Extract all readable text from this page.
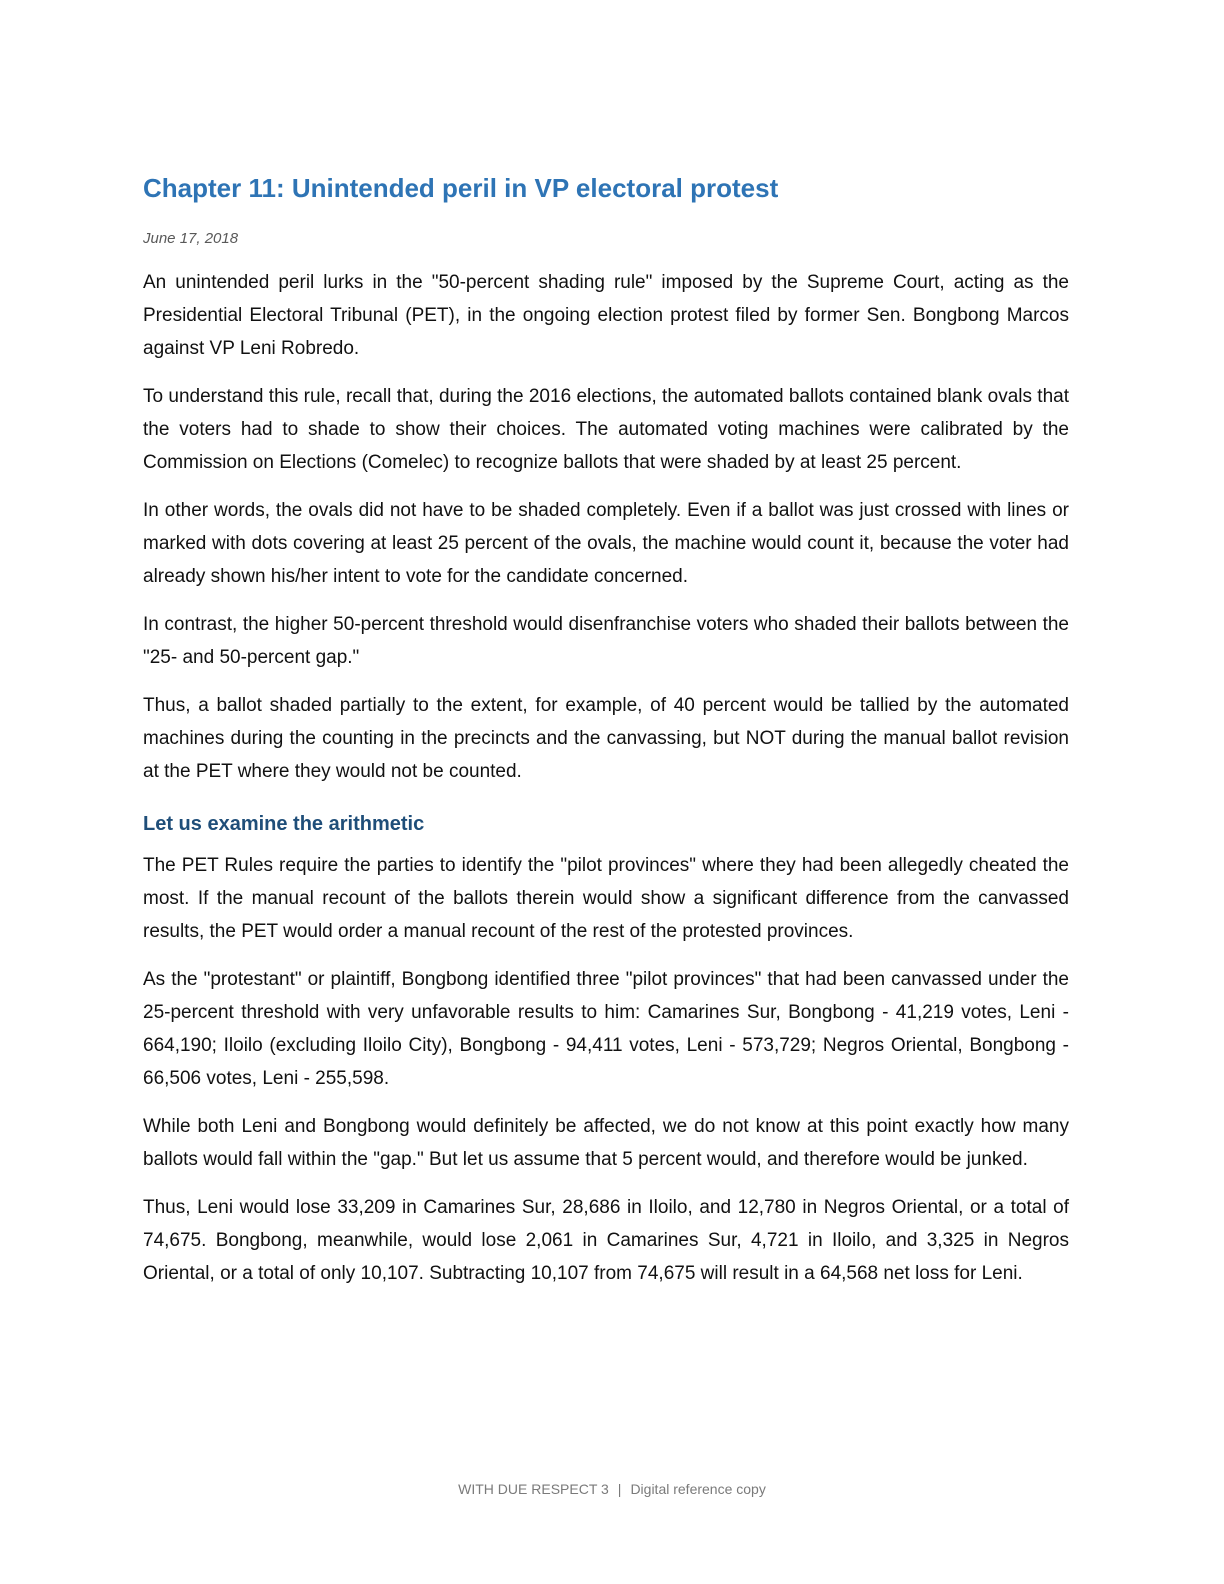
Chapter 11: Unintended peril in VP electoral protest
June 17, 2018

An unintended peril lurks in the "50-percent shading rule" imposed by the Supreme Court, acting as the Presidential Electoral Tribunal (PET), in the ongoing election protest filed by former Sen. Bongbong Marcos against VP Leni Robredo.

To understand this rule, recall that, during the 2016 elections, the automated ballots contained blank ovals that the voters had to shade to show their choices. The automated voting machines were calibrated by the Commission on Elections (Comelec) to recognize ballots that were shaded by at least 25 percent.

In other words, the ovals did not have to be shaded completely. Even if a ballot was just crossed with lines or marked with dots covering at least 25 percent of the ovals, the machine would count it, because the voter had already shown his/her intent to vote for the candidate concerned.

In contrast, the higher 50-percent threshold would disenfranchise voters who shaded their ballots between the "25- and 50-percent gap."

Thus, a ballot shaded partially to the extent, for example, of 40 percent would be tallied by the automated machines during the counting in the precincts and the canvassing, but NOT during the manual ballot revision at the PET where they would not be counted.

Let us examine the arithmetic

The PET Rules require the parties to identify the "pilot provinces" where they had been allegedly cheated the most. If the manual recount of the ballots therein would show a significant difference from the canvassed results, the PET would order a manual recount of the rest of the protested provinces.

As the "protestant" or plaintiff, Bongbong identified three "pilot provinces" that had been canvassed under the 25-percent threshold with very unfavorable results to him: Camarines Sur, Bongbong - 41,219 votes, Leni - 664,190; Iloilo (excluding Iloilo City), Bongbong - 94,411 votes, Leni - 573,729; Negros Oriental, Bongbong - 66,506 votes, Leni - 255,598.

While both Leni and Bongbong would definitely be affected, we do not know at this point exactly how many ballots would fall within the "gap." But let us assume that 5 percent would, and therefore would be junked.

Thus, Leni would lose 33,209 in Camarines Sur, 28,686 in Iloilo, and 12,780 in Negros Oriental, or a total of 74,675. Bongbong, meanwhile, would lose 2,061 in Camarines Sur, 4,721 in Iloilo, and 3,325 in Negros Oriental, or a total of only 10,107. Subtracting 10,107 from 74,675 will result in a 64,568 net loss for Leni.

WITH DUE RESPECT 3 | Digital reference copy
